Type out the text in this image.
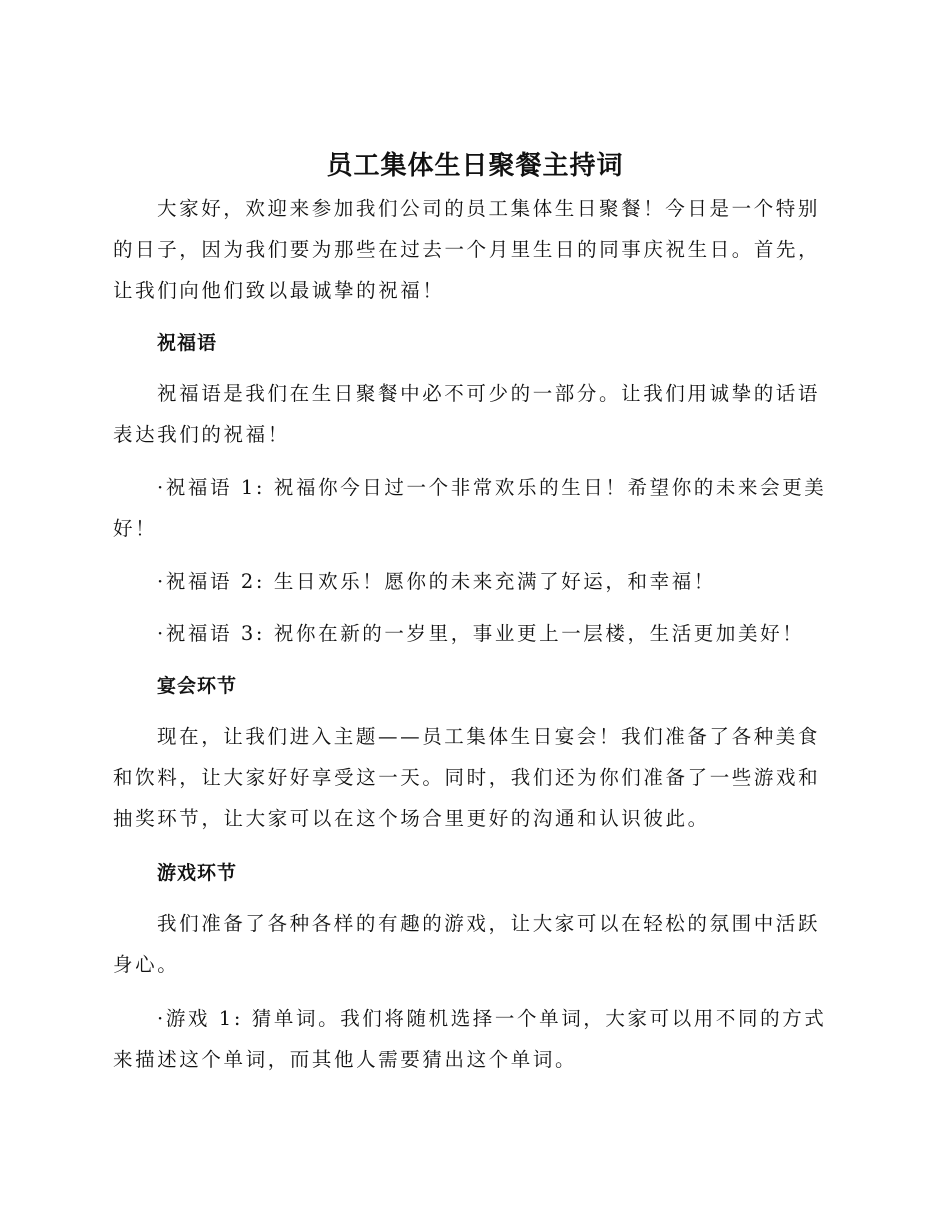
员工集体生日聚餐主持词

大家好，欢迎来参加我们公司的员工集体生日聚餐！今日是一个特别的日子，因为我们要为那些在过去一个月里生日的同事庆祝生日。首先，让我们向他们致以最诚挚的祝福！

祝福语

祝福语是我们在生日聚餐中必不可少的一部分。让我们用诚挚的话语表达我们的祝福！

·祝福语 1: 祝福你今日过一个非常欢乐的生日！希望你的未来会更美好！

·祝福语 2: 生日欢乐！愿你的未来充满了好运，和幸福！

·祝福语 3: 祝你在新的一岁里，事业更上一层楼，生活更加美好！

宴会环节

现在，让我们进入主题——员工集体生日宴会！我们准备了各种美食和饮料，让大家好好享受这一天。同时，我们还为你们准备了一些游戏和抽奖环节，让大家可以在这个场合里更好的沟通和认识彼此。

游戏环节

我们准备了各种各样的有趣的游戏，让大家可以在轻松的氛围中活跃身心。

·游戏 1: 猜单词。我们将随机选择一个单词，大家可以用不同的方式来描述这个单词，而其他人需要猜出这个单词。
